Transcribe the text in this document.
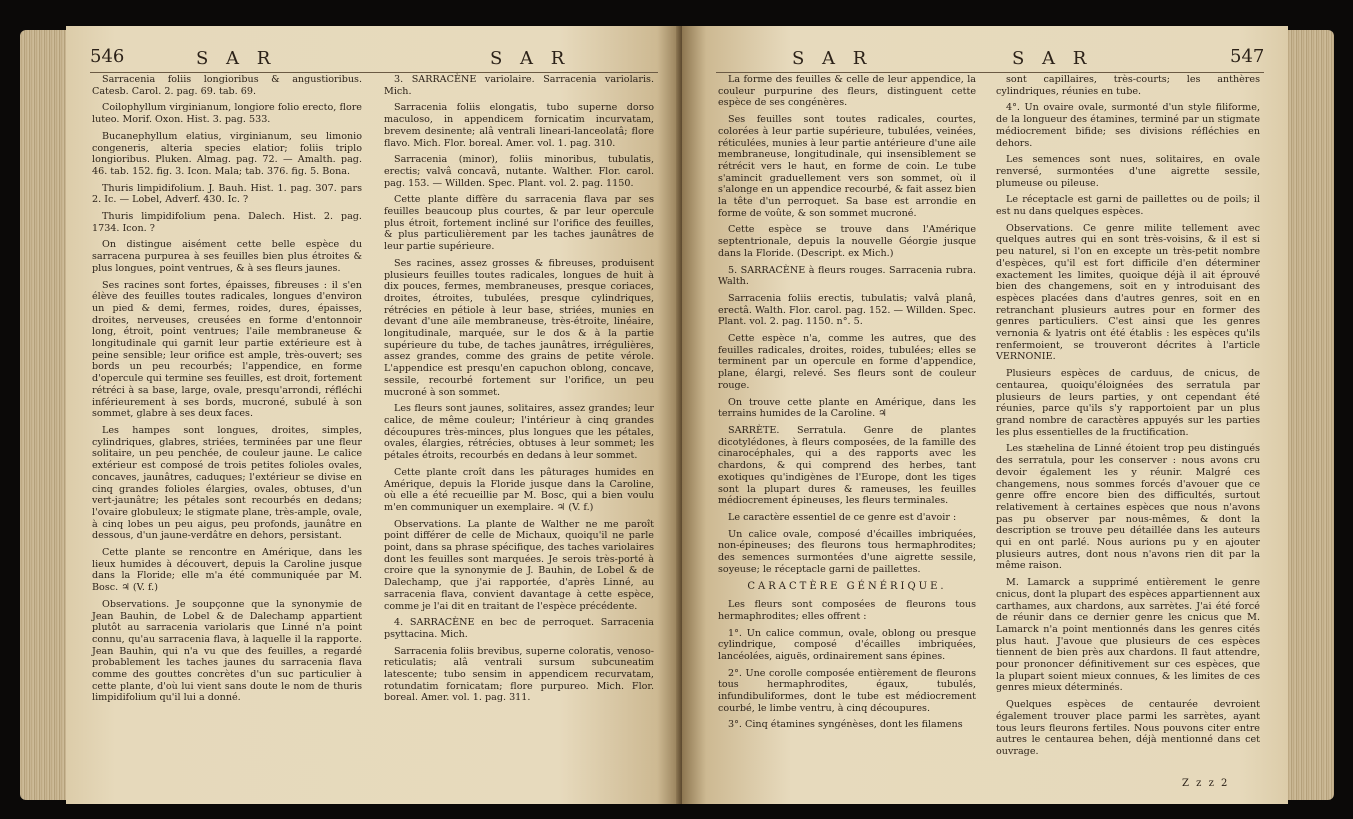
546	S A R	S A R

Sarracenia foliis longioribus & angustioribus. Catesb. Carol. 2. pag. 69. tab. 69.

Coilophyllum virginianum, longiore folio erecto, flore luteo. Morif. Oxon. Hist. 3. pag. 533.

Bucanephyllum elatius, virginianum, seu limonio congeneris, alteria species elatior; foliis triplo longioribus. Pluken. Almag. pag. 72. — Amalth. pag. 46. tab. 152. fig. 3. Icon. Mala; tab. 376. fig. 5. Bona.

Thuris limpidifolium. J. Bauh. Hist. 1. pag. 307. pars 2. Ic. — Lobel, Adverf. 430. Ic. ?

Thuris limpidifolium pena. Dalech. Hist. 2. pag. 1734. Icon. ?

On distingue aisément cette belle espèce du sarracena purpurea à ses feuilles bien plus étroites & plus longues, point ventrues, & à ses fleurs jaunes.

Ses racines sont fortes, épaisses, fibreuses : il s'en élève des feuilles toutes radicales, longues d'environ un pied & demi, fermes, roides, dures, épaisses, droites, nerveuses, creusées en forme d'entonnoir long, étroit, point ventrues; l'aile membraneuse & longitudinale qui garnit leur partie extérieure est à peine sensible; leur orifice est ample, très-ouvert; ses bords un peu recourbés; l'appendice, en forme d'opercule qui termine ses feuilles, est droit, fortement rétréci à sa base, large, ovale, presqu'arrondi, réfléchi inférieurement à ses bords, mucroné, subulé à son sommet, glabre à ses deux faces.

Les hampes sont longues, droites, simples, cylindriques, glabres, striées, terminées par une fleur solitaire, un peu penchée, de couleur jaune. Le calice extérieur est composé de trois petites folioles ovales, concaves, jaunâtres, caduques; l'extérieur se divise en cinq grandes folioles élargies, ovales, obtuses, d'un vert-jaunâtre; les pétales sont recourbés en dedans; l'ovaire globuleux; le stigmate plane, très-ample, ovale, à cinq lobes un peu aigus, peu profonds, jaunâtre en dessous, d'un jaune-verdâtre en dehors, persistant.

Cette plante se rencontre en Amérique, dans les lieux humides à découvert, depuis la Caroline jusque dans la Floride; elle m'a été communiquée par M. Bosc. ♃ (V. f.)

Observations. Je soupçonne que la synonymie de Jean Bauhin, de Lobel & de Dalechamp appartient plutôt au sarracenia variolaris que Linné n'a point connu, qu'au sarracenia flava, à laquelle il la rapporte. Jean Bauhin, qui n'a vu que des feuilles, a regardé probablement les taches jaunes du sarracenia flava comme des gouttes concrètes d'un suc particulier à cette plante, d'où lui vient sans doute le nom de thuris limpidifolium qu'il lui a donné.

3. SARRACÈNE variolaire. Sarracenia variolaris. Mich.

Sarracenia foliis elongatis, tubo superne dorso maculoso, in appendicem fornicatim incurvatam, brevem desinente; alâ ventrali lineari-lanceolatâ; flore flavo. Mich. Flor. boreal. Amer. vol. 1. pag. 310.

Sarracenia (minor), foliis minoribus, tubulatis, erectis; valvâ concavâ, nutante. Walther. Flor. carol. pag. 153. — Willden. Spec. Plant. vol. 2. pag. 1150.

Cette plante diffère du sarracenia flava par ses feuilles beaucoup plus courtes, & par leur opercule plus étroit, fortement incliné sur l'orifice des feuilles, & plus particulièrement par les taches jaunâtres de leur partie supérieure.

Ses racines, assez grosses & fibreuses, produisent plusieurs feuilles toutes radicales, longues de huit à dix pouces, fermes, membraneuses, presque coriaces, droites, étroites, tubulées, presque cylindriques, rétrécies en pétiole à leur base, striées, munies en devant d'une aile membraneuse, très-étroite, linéaire, longitudinale, marquée, sur le dos & à la partie supérieure du tube, de taches jaunâtres, irrégulières, assez grandes, comme des grains de petite vérole. L'appendice est presqu'en capuchon oblong, concave, sessile, recourbé fortement sur l'orifice, un peu mucroné à son sommet.

Les fleurs sont jaunes, solitaires, assez grandes; leur calice, de même couleur; l'intérieur à cinq grandes découpures très-minces, plus longues que les pétales, ovales, élargies, rétrécies, obtuses à leur sommet; les pétales étroits, recourbés en dedans à leur sommet.

Cette plante croît dans les pâturages humides en Amérique, depuis la Floride jusque dans la Caroline, où elle a été recueillie par M. Bosc, qui a bien voulu m'en communiquer un exemplaire. ♃ (V. f.)

Observations. La plante de Walther ne me paroît point différer de celle de Michaux, quoiqu'il ne parle point, dans sa phrase spécifique, des taches variolaires dont les feuilles sont marquées. Je serois très-porté à croire que la synonymie de J. Bauhin, de Lobel & de Dalechamp, que j'ai rapportée, d'après Linné, au sarracenia flava, convient davantage à cette espèce, comme je l'ai dit en traitant de l'espèce précédente.

4. SARRACÈNE en bec de perroquet. Sarracenia psyttacina. Mich.

Sarracenia foliis brevibus, superne coloratis, venoso-reticulatis; alâ ventrali sursum subcuneatim latescente; tubo sensim in appendicem recurvatam, rotundatim fornicatam; flore purpureo. Mich. Flor. boreal. Amer. vol. 1. pag. 311.

S A R	S A R	547

La forme des feuilles & celle de leur appendice, la couleur purpurine des fleurs, distinguent cette espèce de ses congénères.

Ses feuilles sont toutes radicales, courtes, colorées à leur partie supérieure, tubulées, veinées, réticulées, munies à leur partie antérieure d'une aile membraneuse, longitudinale, qui insensiblement se rétrécit vers le haut, en forme de coin. Le tube s'amincit graduellement vers son sommet, où il s'alonge en un appendice recourbé, & fait assez bien la tête d'un perroquet. Sa base est arrondie en forme de voûte, & son sommet mucroné.

Cette espèce se trouve dans l'Amérique septentrionale, depuis la nouvelle Géorgie jusque dans la Floride. (Descript. ex Mich.)

5. SARRACÈNE à fleurs rouges. Sarracenia rubra. Walth.

Sarracenia foliis erectis, tubulatis; valvâ planâ, erectâ. Walth. Flor. carol. pag. 152. — Willden. Spec. Plant. vol. 2. pag. 1150. n°. 5.

Cette espèce n'a, comme les autres, que des feuilles radicales, droites, roides, tubulées; elles se terminent par un opercule en forme d'appendice, plane, élargi, relevé. Ses fleurs sont de couleur rouge.

On trouve cette plante en Amérique, dans les terrains humides de la Caroline. ♃

SARRÈTE. Serratula. Genre de plantes dicotylédones, à fleurs composées, de la famille des cinarocéphales, qui a des rapports avec les chardons, & qui comprend des herbes, tant exotiques qu'indigènes de l'Europe, dont les tiges sont la plupart dures & rameuses, les feuilles médiocrement épineuses, les fleurs terminales.

Le caractère essentiel de ce genre est d'avoir :

Un calice ovale, composé d'écailles imbriquées, non-épineuses; des fleurons tous hermaphrodites; des semences surmontées d'une aigrette sessile, soyeuse; le réceptacle garni de paillettes.

CARACTÈRE GÉNÉRIQUE.

Les fleurs sont composées de fleurons tous hermaphrodites; elles offrent :

1°. Un calice commun, ovale, oblong ou presque cylindrique, composé d'écailles imbriquées, lancéolées, aiguës, ordinairement sans épines.

2°. Une corolle composée entièrement de fleurons tous hermaphrodites, égaux, tubulés, infundibuliformes, dont le tube est médiocrement courbé, le limbe ventru, à cinq découpures.

3°. Cinq étamines syngénèses, dont les filamens

sont capillaires, très-courts; les anthères cylindriques, réunies en tube.

4°. Un ovaire ovale, surmonté d'un style filiforme, de la longueur des étamines, terminé par un stigmate médiocrement bifide; ses divisions réfléchies en dehors.

Les semences sont nues, solitaires, en ovale renversé, surmontées d'une aigrette sessile, plumeuse ou pileuse.

Le réceptacle est garni de paillettes ou de poils; il est nu dans quelques espèces.

Observations. Ce genre milite tellement avec quelques autres qui en sont très-voisins, & il est si peu naturel, si l'on en excepte un très-petit nombre d'espèces, qu'il est fort difficile d'en déterminer exactement les limites, quoique déjà il ait éprouvé bien des changemens, soit en y introduisant des espèces placées dans d'autres genres, soit en en retranchant plusieurs autres pour en former des genres particuliers. C'est ainsi que les genres vernonia & lyatris ont été établis : les espèces qu'ils renfermoient, se trouveront décrites à l'article VERNONIE.

Plusieurs espèces de carduus, de cnicus, de centaurea, quoiqu'éloignées des serratula par plusieurs de leurs parties, y ont cependant été réunies, parce qu'ils s'y rapportoient par un plus grand nombre de caractères appuyés sur les parties les plus essentielles de la fructification.

Les stæhelina de Linné étoient trop peu distingués des serratula, pour les conserver : nous avons cru devoir également les y réunir. Malgré ces changemens, nous sommes forcés d'avouer que ce genre offre encore bien des difficultés, surtout relativement à certaines espèces que nous n'avons pas pu observer par nous-mêmes, & dont la description se trouve peu détaillée dans les auteurs qui en ont parlé. Nous aurions pu y en ajouter plusieurs autres, dont nous n'avons rien dit par la même raison.

M. Lamarck a supprimé entièrement le genre cnicus, dont la plupart des espèces appartiennent aux carthames, aux chardons, aux sarrètes. J'ai été forcé de réunir dans ce dernier genre les cnicus que M. Lamarck n'a point mentionnés dans les genres cités plus haut. J'avoue que plusieurs de ces espèces tiennent de bien près aux chardons. Il faut attendre, pour prononcer définitivement sur ces espèces, que la plupart soient mieux connues, & les limites de ces genres mieux déterminés.

Quelques espèces de centaurée devroient également trouver place parmi les sarrètes, ayant tous leurs fleurons fertiles. Nous pouvons citer entre autres le centaurea behen, déjà mentionné dans cet ouvrage.

Z z z 2
